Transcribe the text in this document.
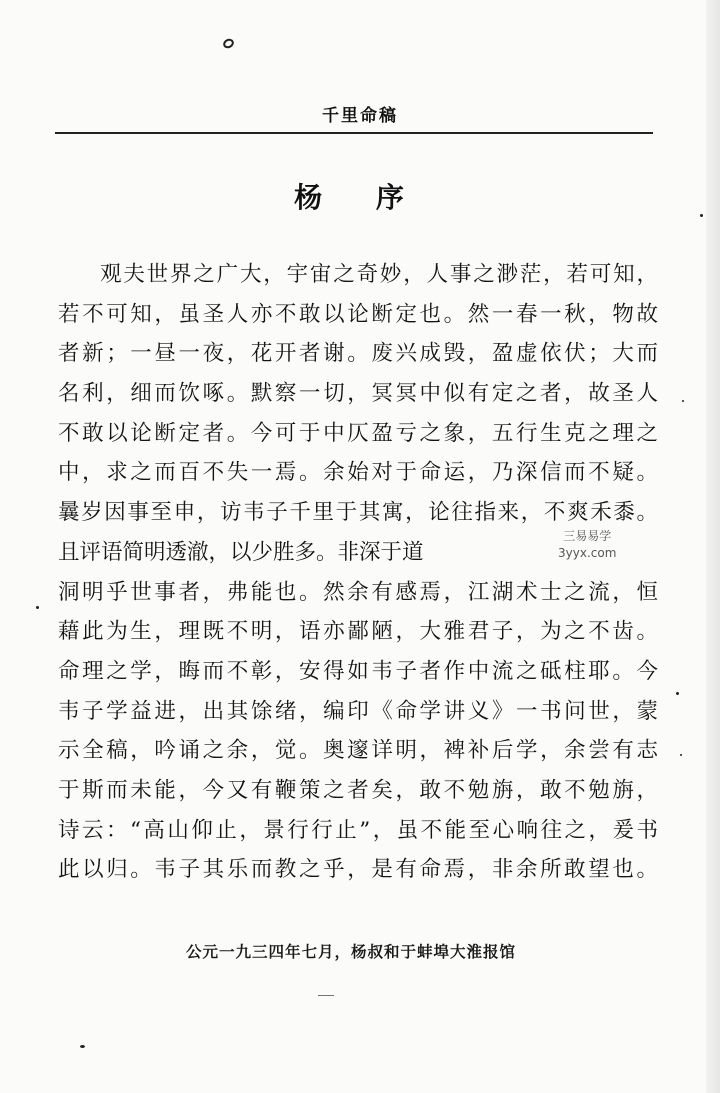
千里命稿
杨 序
观夫世界之广大，宇宙之奇妙，人事之渺茫，若可知，
若不可知，虽圣人亦不敢以论断定也。然一春一秋，物故
者新；一昼一夜，花开者谢。废兴成毁，盈虚依伏；大而
名利，细而饮啄。默察一切，冥冥中似有定之者，故圣人
不敢以论断定者。今可于中仄盈亏之象，五行生克之理之
中，求之而百不失一焉。余始对于命运，乃深信而不疑。
曩岁因事至申，访韦子千里于其寓，论往指来，不爽禾黍。
且评语简明透澈，以少胜多。非深于道
洞明乎世事者，弗能也。然余有感焉，江湖术士之流，恒
藉此为生，理既不明，语亦鄙陋，大雅君子，为之不齿。
命理之学，晦而不彰，安得如韦子者作中流之砥柱耶。今
韦子学益进，出其馀绪，编印《命学讲义》一书问世，蒙
示全稿，吟诵之余，觉。奥邃详明，裨补后学，余尝有志
于斯而未能，今又有鞭策之者矣，敢不勉旃，敢不勉旃，
诗云：“高山仰止，景行行止”，虽不能至心响往之，爰书
此以归。韦子其乐而教之乎，是有命焉，非余所敢望也。
三易易学
3yyx.com
公元一九三四年七月，杨叔和于蚌埠大淮报馆
